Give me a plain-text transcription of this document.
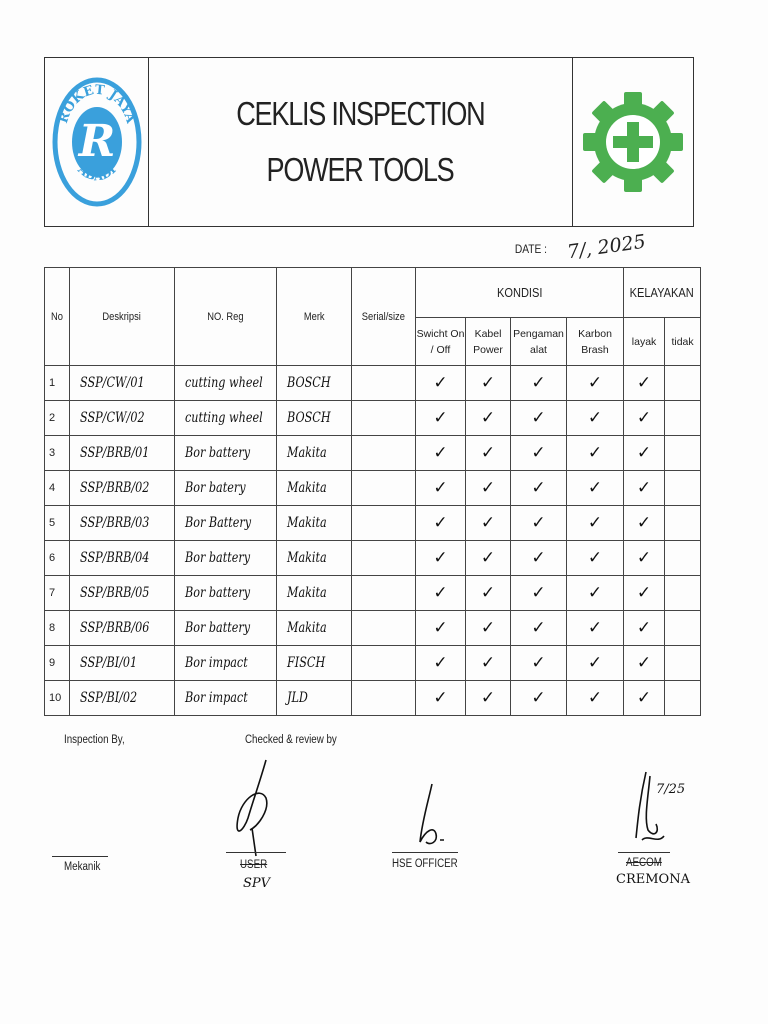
R
ROKET JAYA
ABADI
CEKLIS INSPECTION
POWER TOOLS
DATE : 7/, 2025
No	Deskripsi	NO. Reg	Merk	Serial/size	KONDISI				KELAYAKAN	
					Swicht On / Off	Kabel Power	Pengaman alat	Karbon Brash	layak	tidak
1	SSP/CW/01	cutting wheel	BOSCH		✓	✓	✓	✓	✓	
2	SSP/CW/02	cutting wheel	BOSCH		✓	✓	✓	✓	✓	
3	SSP/BRB/01	Bor battery	Makita		✓	✓	✓	✓	✓	
4	SSP/BRB/02	Bor batery	Makita		✓	✓	✓	✓	✓	
5	SSP/BRB/03	Bor Battery	Makita		✓	✓	✓	✓	✓	
6	SSP/BRB/04	Bor battery	Makita		✓	✓	✓	✓	✓	
7	SSP/BRB/05	Bor battery	Makita		✓	✓	✓	✓	✓	
8	SSP/BRB/06	Bor battery	Makita		✓	✓	✓	✓	✓	
9	SSP/BI/01	Bor impact	FISCH		✓	✓	✓	✓	✓	
10	SSP/BI/02	Bor impact	JLD		✓	✓	✓	✓	✓	
Inspection By,	Checked & review by
7/25
Mekanik	USER
SPV
HSE OFFICER	AECOM
CREMONA
